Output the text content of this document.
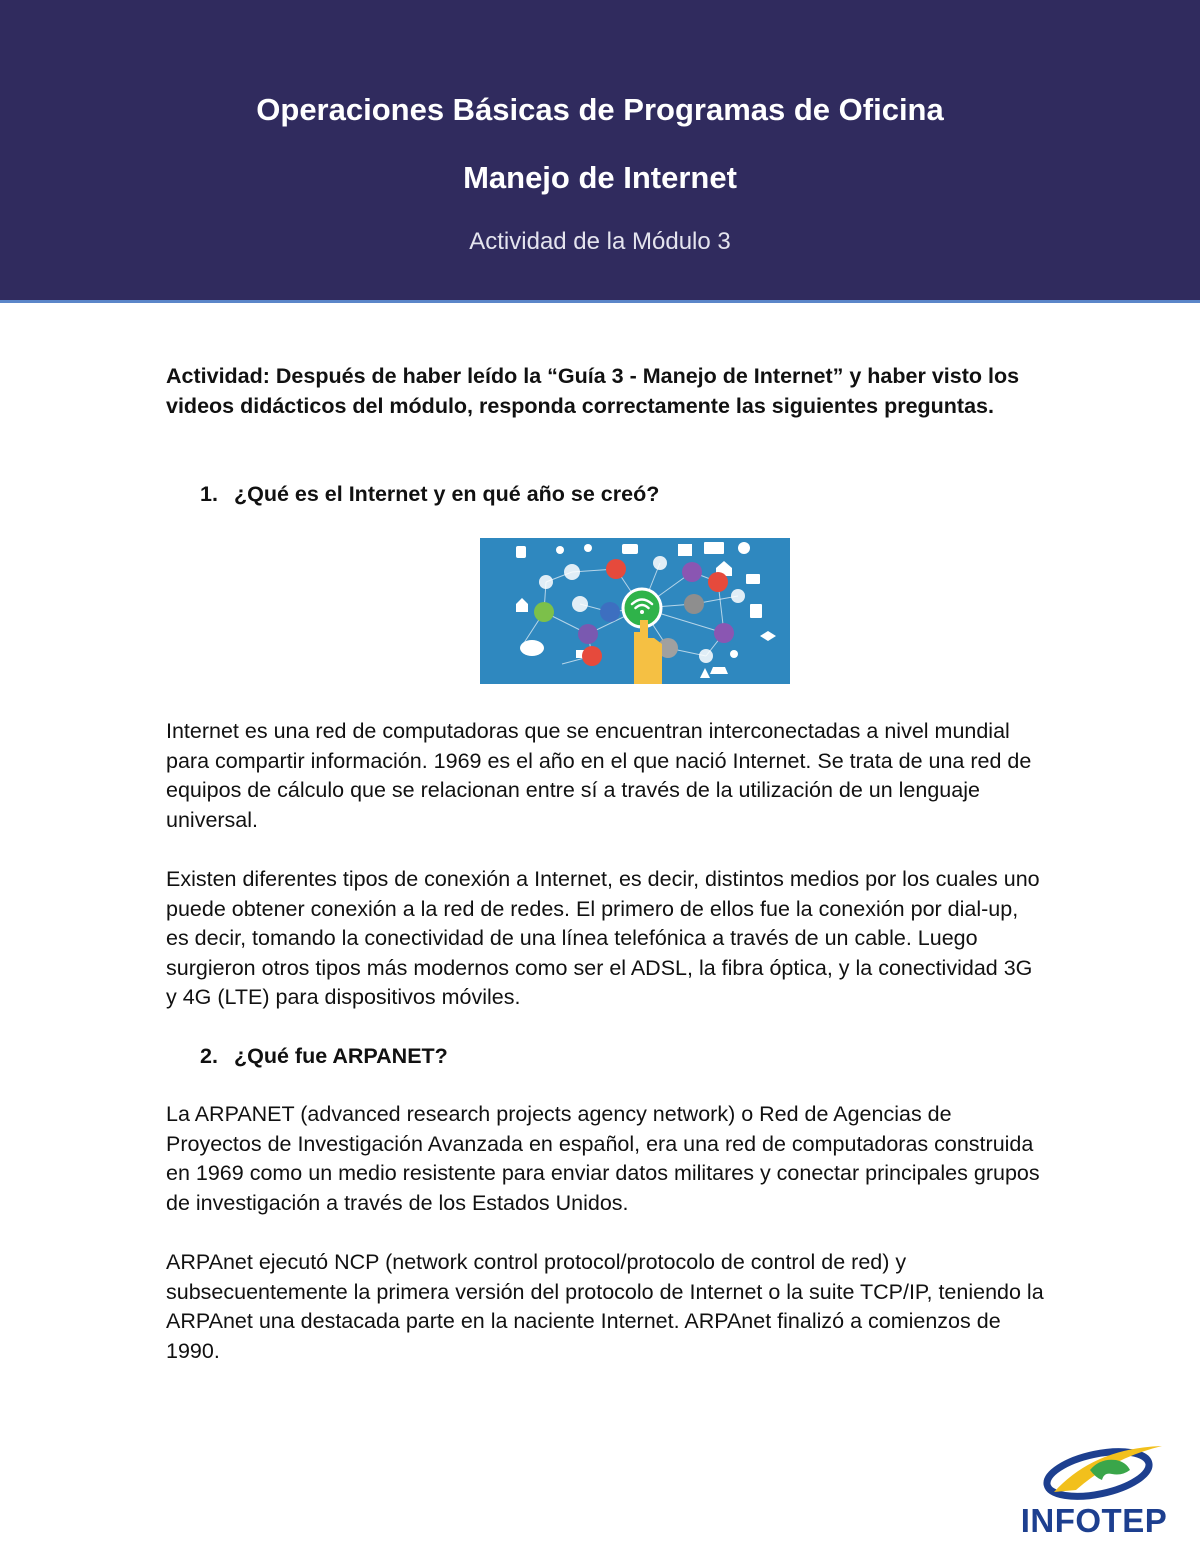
Operaciones Básicas de Programas de Oficina
Manejo de Internet
Actividad de la Módulo 3
Actividad: Después de haber leído la “Guía 3 - Manejo de Internet” y haber visto los videos didácticos del módulo, responda correctamente las siguientes preguntas.
1. ¿Qué es el Internet y en qué año se creó?

Internet es una red de computadoras que se encuentran interconectadas a nivel mundial para compartir información. 1969 es el año en el que nació Internet. Se trata de una red de equipos de cálculo que se relacionan entre sí a través de la utilización de un lenguaje universal.

Existen diferentes tipos de conexión a Internet, es decir, distintos medios por los cuales uno puede obtener conexión a la red de redes. El primero de ellos fue la conexión por dial-up, es decir, tomando la conectividad de una línea telefónica a través de un cable. Luego surgieron otros tipos más modernos como ser el ADSL, la fibra óptica, y la conectividad 3G y 4G (LTE) para dispositivos móviles.

2. ¿Qué fue ARPANET?

La ARPANET (advanced research projects agency network) o Red de Agencias de Proyectos de Investigación Avanzada en español, era una red de computadoras construida en 1969 como un medio resistente para enviar datos militares y conectar principales grupos de investigación a través de los Estados Unidos.

ARPAnet ejecutó NCP (network control protocol/protocolo de control de red) y subsecuentemente la primera versión del protocolo de Internet o la suite TCP/IP, teniendo la ARPAnet una destacada parte en la naciente Internet. ARPAnet finalizó a comienzos de 1990.

INFOTEP
